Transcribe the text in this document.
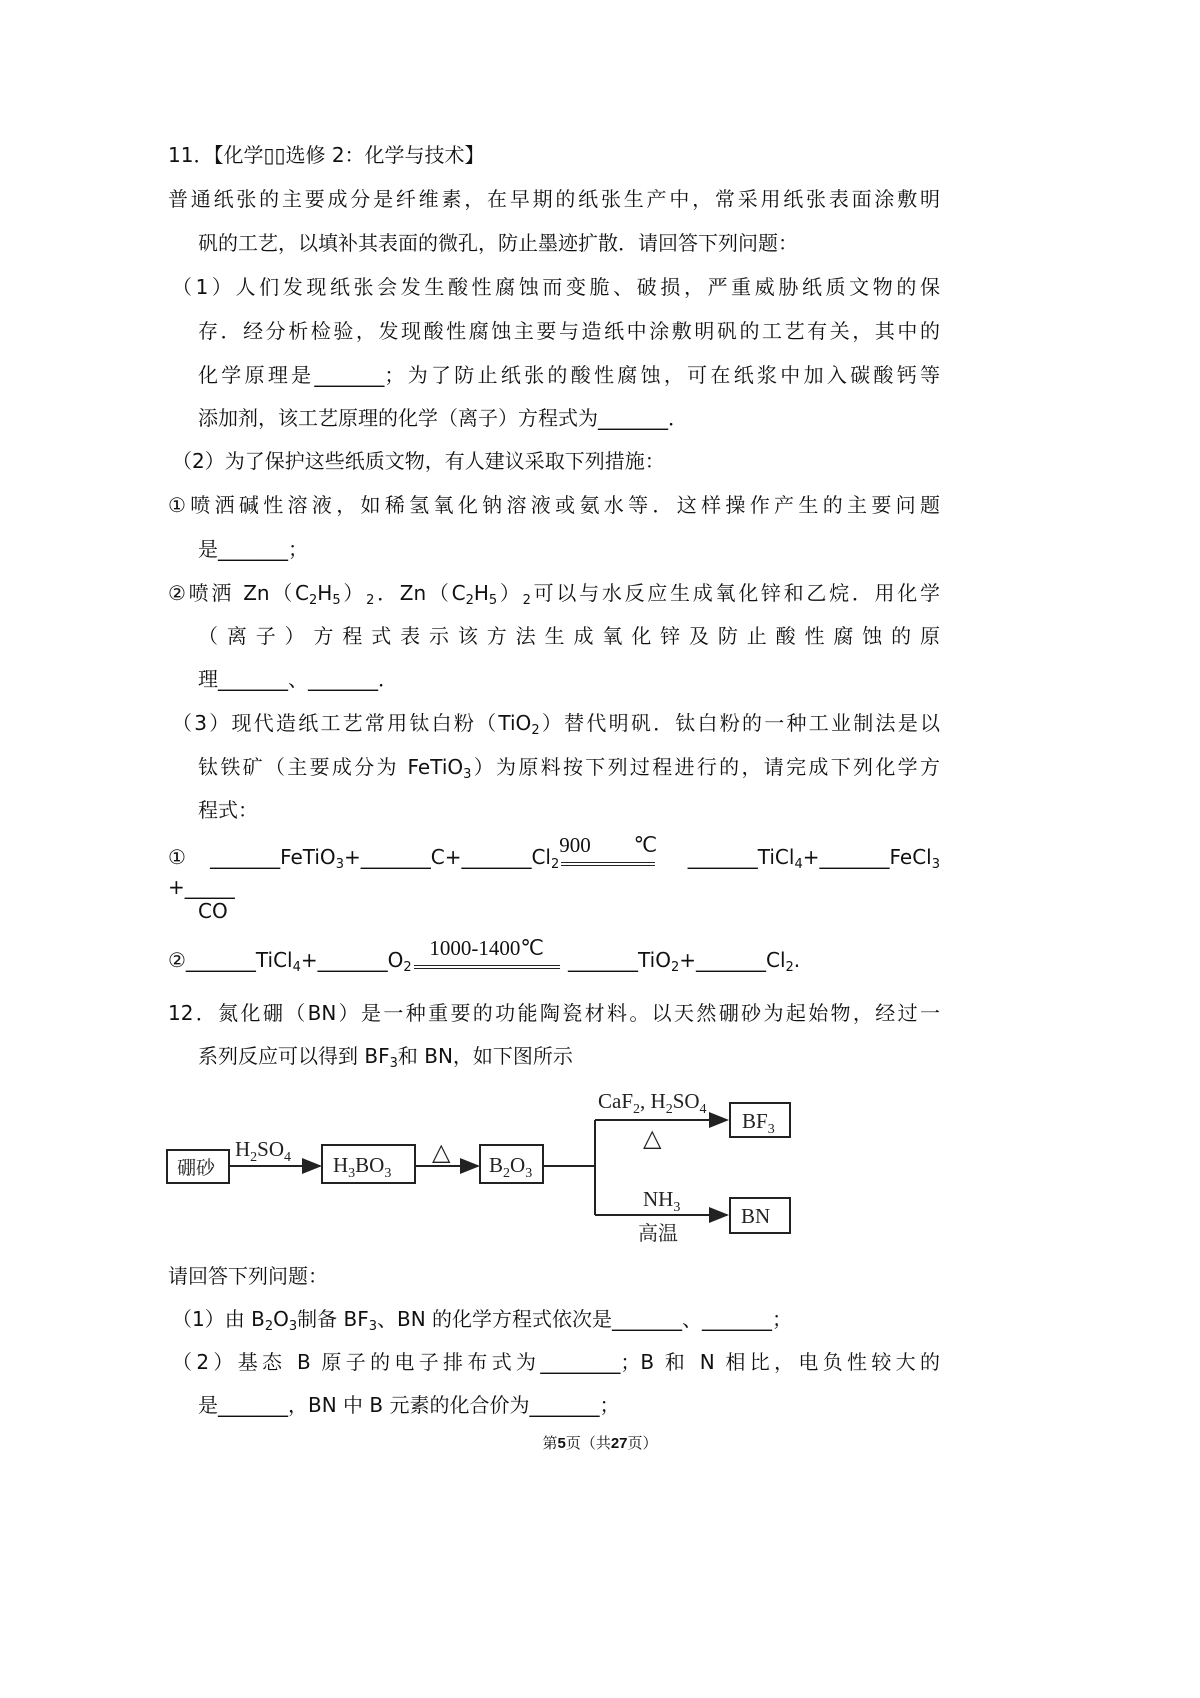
11．【化学▯▯选修 2：化学与技术】
普通纸张的主要成分是纤维素，在早期的纸张生产中，常采用纸张表面涂敷明
矾的工艺，以填补其表面的微孔，防止墨迹扩散．请回答下列问题：
（1）人们发现纸张会发生酸性腐蚀而变脆、破损，严重威胁纸质文物的保
存．经分析检验，发现酸性腐蚀主要与造纸中涂敷明矾的工艺有关，其中的
化学原理是_______；为了防止纸张的酸性腐蚀，可在纸浆中加入碳酸钙等
添加剂，该工艺原理的化学（离子）方程式为_______．
（2）为了保护这些纸质文物，有人建议采取下列措施：
①喷洒碱性溶液，如稀氢氧化钠溶液或氨水等．这样操作产生的主要问题
是_______；
②喷洒 $Zn(C_2H_5)_2$．$Zn(C_2H_5)_2$可以与水反应生成氧化锌和乙烷．用化学
（ 离 子 ） 方 程 式 表 示 该 方 法 生 成 氧 化 锌 及 防 止 酸 性 腐 蚀 的 原
理_______、_______．
（3）现代造纸工艺常用钛白粉（TiO$_2$）替代明矾．钛白粉的一种工业制法是以
钛铁矿（主要成分为 FeTiO$_3$）为原料按下列过程进行的，请完成下列化学方
程式：
$①\_\_\_\_\_\_\_FeTiO_3+\_\_\_\_\_\_\_C+\_\_\_\_\_\_\_Cl_2$
900℃
_______TiCl$_4$+_______FeCl$_3$+_____
CO
$②\_\_\_\_\_\_\_TiCl_4+\_\_\_\_\_\_\_O_2$
1000-1400℃
$\_\_\_\_\_\_\_TiO_2+\_\_\_\_\_\_\_Cl_2$.
12．氮化硼（BN）是一种重要的功能陶瓷材料。以天然硼砂为起始物，经过一
系列反应可以得到 $BF_3$和 BN，如下图所示
硼砂
$H_2SO_4$ $H_3BO_3$
△ $B_2O_3$
CaF$_2$, $H_2SO_4$
△
$BF_3$
$NH_3$
高温
BN
请回答下列问题：
（1）由 $B_2O_3$制备 $BF_3$、BN 的化学方程式依次是_______、_______；
（2）基态 B 原子的电子排布式为________；B 和 N 相比，电负性较大的
是_______，BN 中 B 元素的化合价为_______；
第5页（共27页）
